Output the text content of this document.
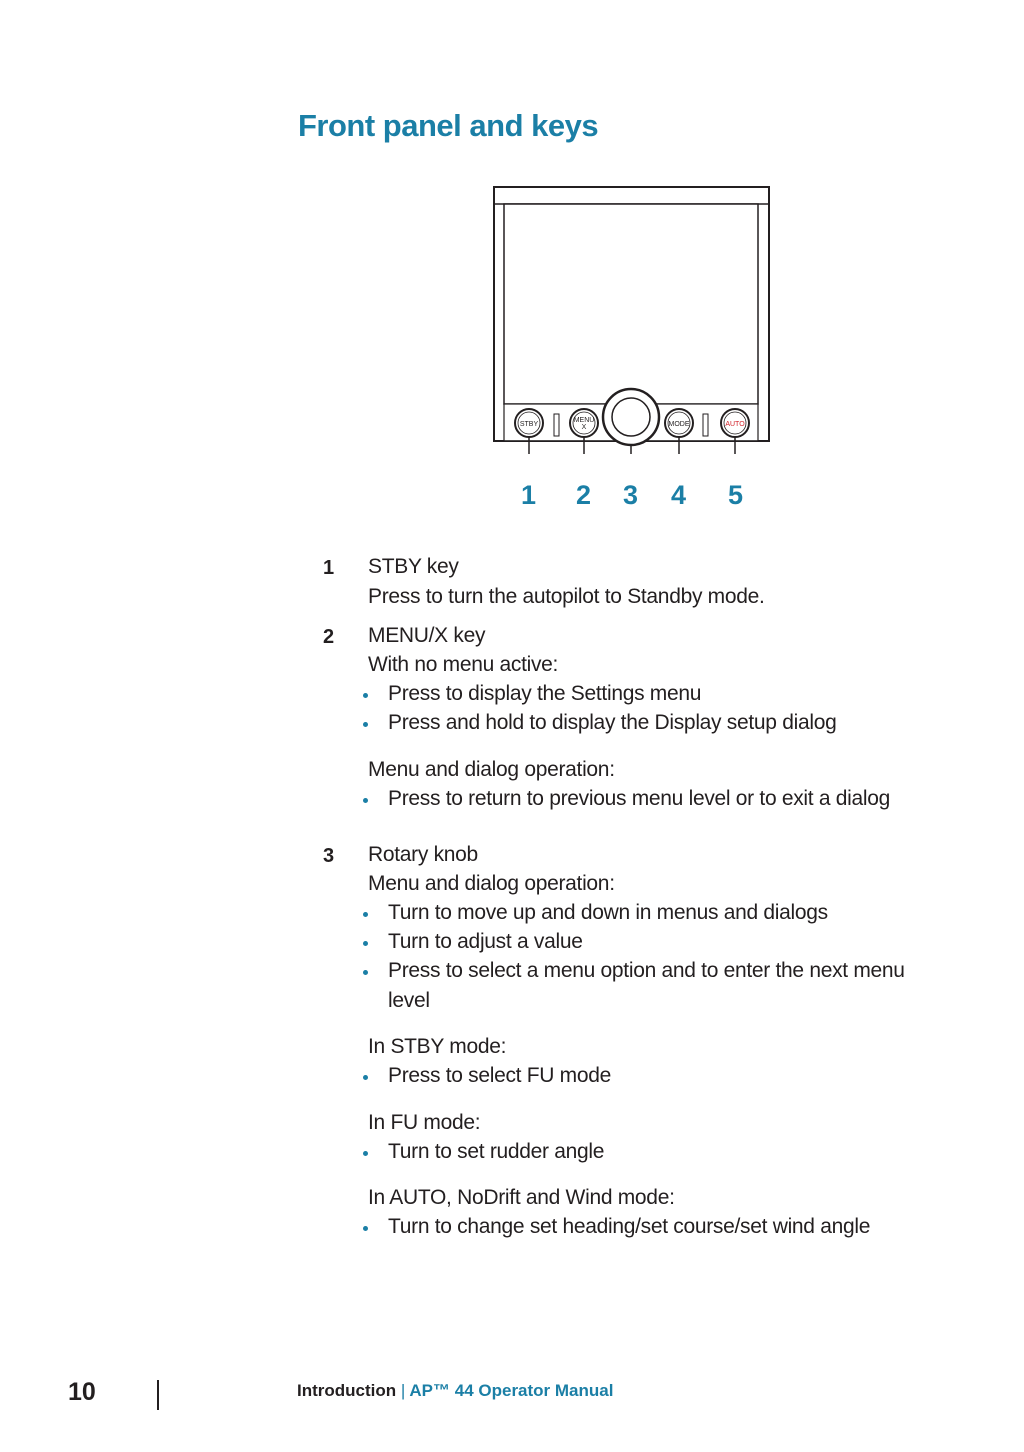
Front panel and keys
STBY
MENU
X	MODE	AUTO
1 2 3 4 5
1 STBY key
Press to turn the autopilot to Standby mode.
2 MENU/X key
With no menu active:
Press to display the Settings menu
Press and hold to display the Display setup dialog
Menu and dialog operation:
Press to return to previous menu level or to exit a dialog
3 Rotary knob
Menu and dialog operation:
Turn to move up and down in menus and dialogs
Turn to adjust a value
Press to select a menu option and to enter the next menu
level
In STBY mode:
Press to select FU mode
In FU mode:
Turn to set rudder angle
In AUTO, NoDrift and Wind mode:
Turn to change set heading/set course/set wind angle
10	Introduction | AP™ 44 Operator Manual
